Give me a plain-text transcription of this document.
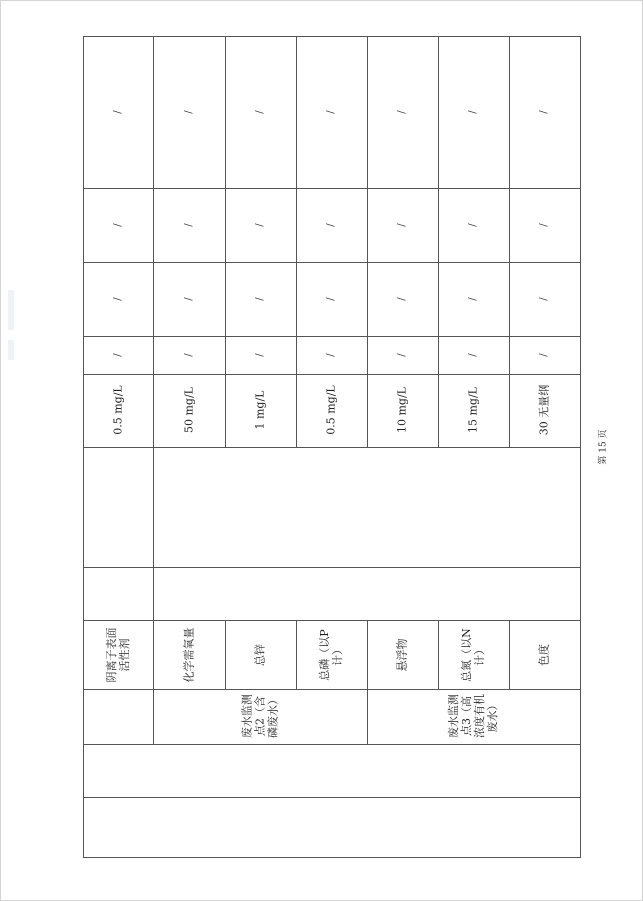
/
/
/
/
0.5 mg/L
阴离子表面活性剂
/
/
/
/
50 mg/L
化学需氧量
/
/
/
/
1 mg/L
总锌
/
/
/
/
0.5 mg/L
总磷（以P计）
/
/
/
/
10 mg/L
悬浮物
/
/
/
/
15 mg/L
总氮（以N计）
/
/
/
/
30 无量纲
色度
废水监测点2（含磷废水）	废水监测点3（高浓度有机废水）
第 15 页
